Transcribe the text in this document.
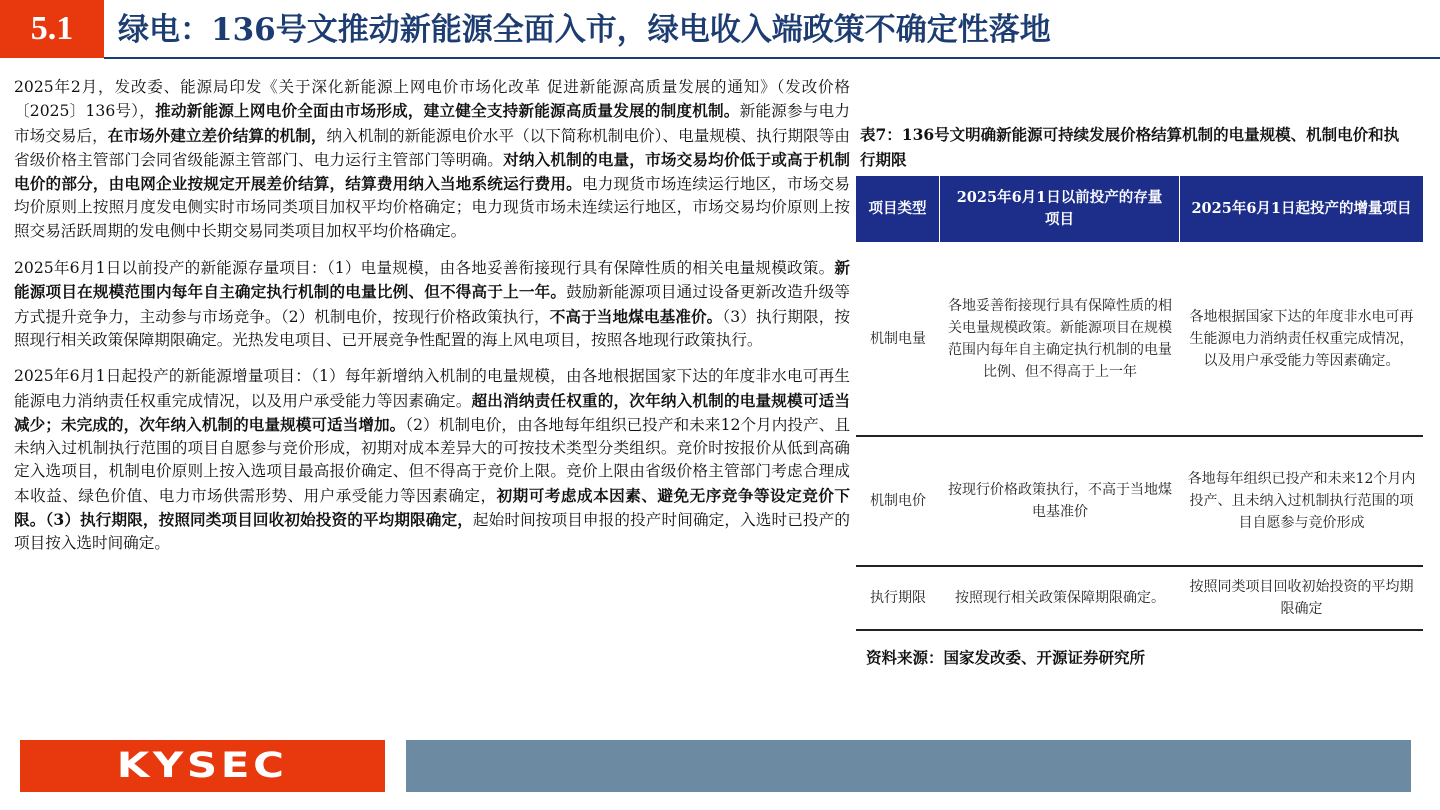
5.1	绿电：136号文推动新能源全面入市，绿电收入端政策不确定性落地

2025年2月，发改委、能源局印发《关于深化新能源上网电价市场化改革 促进新能源高质量发展的通知》（发改价格〔2025〕136号），推动新能源上网电价全面由市场形成，建立健全支持新能源高质量发展的制度机制。新能源参与电力市场交易后，在市场外建立差价结算的机制，纳入机制的新能源电价水平（以下简称机制电价）、电量规模、执行期限等由省级价格主管部门会同省级能源主管部门、电力运行主管部门等明确。对纳入机制的电量，市场交易均价低于或高于机制电价的部分，由电网企业按规定开展差价结算，结算费用纳入当地系统运行费用。电力现货市场连续运行地区，市场交易均价原则上按照月度发电侧实时市场同类项目加权平均价格确定；电力现货市场未连续运行地区，市场交易均价原则上按照交易活跃周期的发电侧中长期交易同类项目加权平均价格确定。

2025年6月1日以前投产的新能源存量项目：（1）电量规模，由各地妥善衔接现行具有保障性质的相关电量规模政策。新能源项目在规模范围内每年自主确定执行机制的电量比例、但不得高于上一年。鼓励新能源项目通过设备更新改造升级等方式提升竞争力，主动参与市场竞争。（2）机制电价，按现行价格政策执行，不高于当地煤电基准价。（3）执行期限，按照现行相关政策保障期限确定。光热发电项目、已开展竞争性配置的海上风电项目，按照各地现行政策执行。

2025年6月1日起投产的新能源增量项目：（1）每年新增纳入机制的电量规模，由各地根据国家下达的年度非水电可再生能源电力消纳责任权重完成情况，以及用户承受能力等因素确定。超出消纳责任权重的，次年纳入机制的电量规模可适当减少；未完成的，次年纳入机制的电量规模可适当增加。（2）机制电价，由各地每年组织已投产和未来12个月内投产、且未纳入过机制执行范围的项目自愿参与竞价形成，初期对成本差异大的可按技术类型分类组织。竞价时按报价从低到高确定入选项目，机制电价原则上按入选项目最高报价确定、但不得高于竞价上限。竞价上限由省级价格主管部门考虑合理成本收益、绿色价值、电力市场供需形势、用户承受能力等因素确定，初期可考虑成本因素、避免无序竞争等设定竞价下限。（3）执行期限，按照同类项目回收初始投资的平均期限确定，起始时间按项目申报的投产时间确定，入选时已投产的项目按入选时间确定。

表7：136号文明确新能源可持续发展价格结算机制的电量规模、机制电价和执行期限
项目类型
2025年6月1日以前投产的存量项目
2025年6月1日起投产的增量项目
机制电量
各地妥善衔接现行具有保障性质的相关电量规模政策。新能源项目在规模范围内每年自主确定执行机制的电量比例、但不得高于上一年
各地根据国家下达的年度非水电可再生能源电力消纳责任权重完成情况，以及用户承受能力等因素确定。
机制电价
按现行价格政策执行，不高于当地煤电基准价
各地每年组织已投产和未来12个月内投产、且未纳入过机制执行范围的项目自愿参与竞价形成
执行期限	按照现行相关政策保障期限确定。
按照同类项目回收初始投资的平均期限确定
资料来源：国家发改委、开源证券研究所
KYSEC
